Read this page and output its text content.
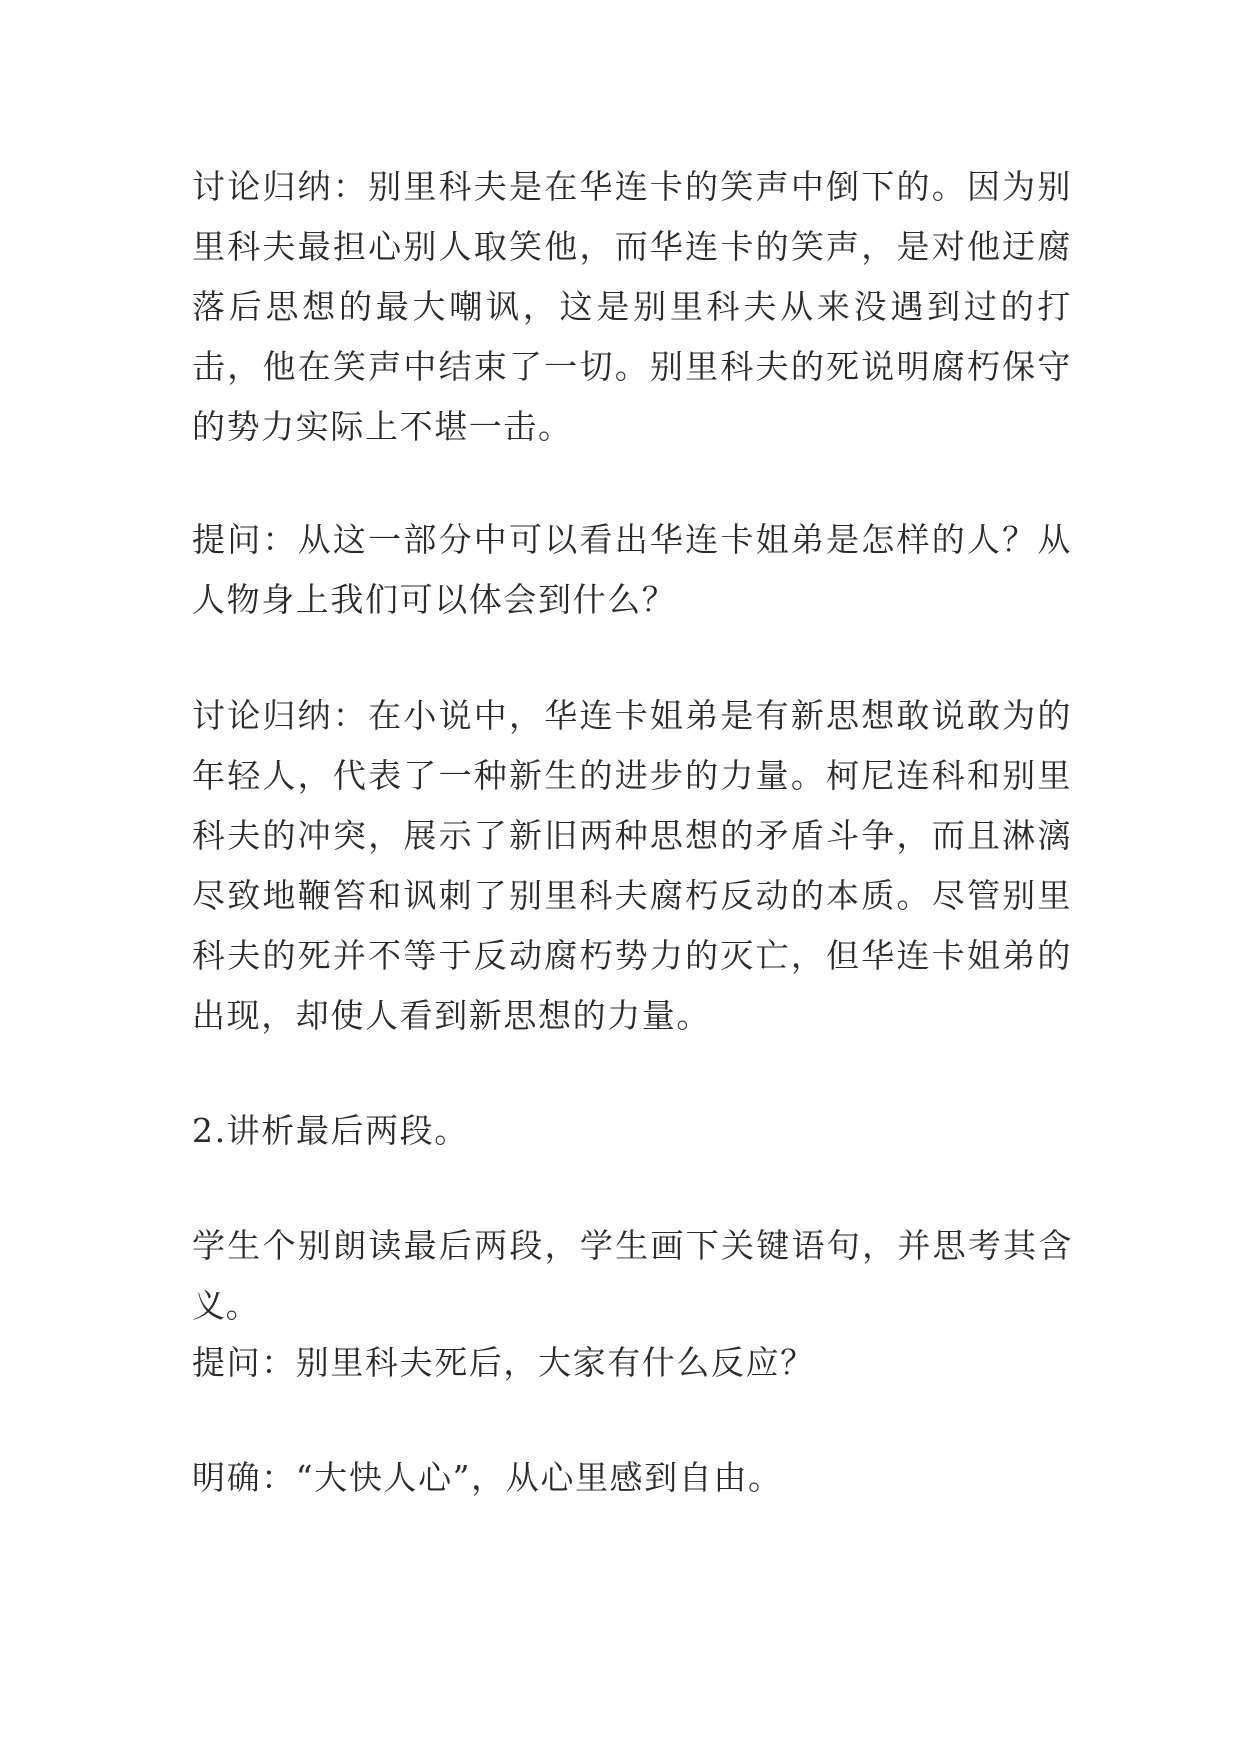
讨论归纳：别里科夫是在华连卡的笑声中倒下的。因为别里科夫最担心别人取笑他，而华连卡的笑声，是对他迂腐落后思想的最大嘲讽，这是别里科夫从来没遇到过的打击，他在笑声中结束了一切。别里科夫的死说明腐朽保守的势力实际上不堪一击。

提问：从这一部分中可以看出华连卡姐弟是怎样的人？从人物身上我们可以体会到什么？

讨论归纳：在小说中，华连卡姐弟是有新思想敢说敢为的年轻人，代表了一种新生的进步的力量。柯尼连科和别里科夫的冲突，展示了新旧两种思想的矛盾斗争，而且淋漓尽致地鞭笞和讽刺了别里科夫腐朽反动的本质。尽管别里科夫的死并不等于反动腐朽势力的灭亡，但华连卡姐弟的出现，却使人看到新思想的力量。

2.讲析最后两段。

学生个别朗读最后两段，学生画下关键语句，并思考其含义。

提问：别里科夫死后，大家有什么反应？

明确：“大快人心”，从心里感到自由。
